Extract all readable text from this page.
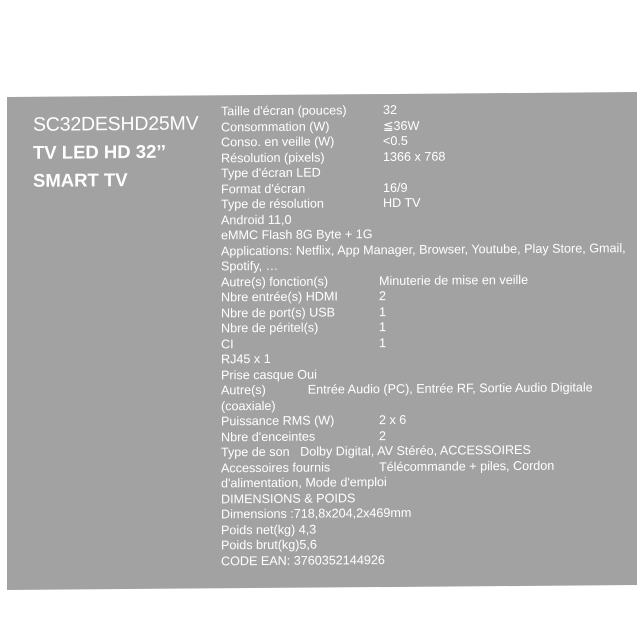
SC32DESHD25MV
TV LED HD 32’’
SMART TV
Taille d'écran (pouces)	32
Consommation (W)	≦36W
Conso. en veille (W)	<0.5
Résolution (pixels)	1366 x 768
Type d'écran LED
Format d'écran	16/9
Type de résolution	HD TV
Android 11,0
eMMC Flash 8G Byte + 1G
Applications: Netflix, App Manager, Browser, Youtube, Play Store, Gmail, Spotify, …
Autre(s) fonction(s)	Minuterie de mise en veille
Nbre entrée(s) HDMI	2
Nbre de port(s) USB	1
Nbre de péritel(s)	1
CI	1
RJ45 x 1
Prise casque Oui
Autre(s)            Entrée Audio (PC), Entrée RF, Sortie Audio Digitale (coaxiale)
Puissance RMS (W)	2 x 6
Nbre d'enceintes	2
Type de son   Dolby Digital, AV Stéréo, ACCESSOIRES
Accessoires fournis              Télécommande + piles, Cordon d'alimentation, Mode d'emploi
DIMENSIONS & POIDS
Dimensions :718,8x204,2x469mm
Poids net(kg) 4,3
Poids brut(kg)5,6
CODE EAN: 3760352144926
